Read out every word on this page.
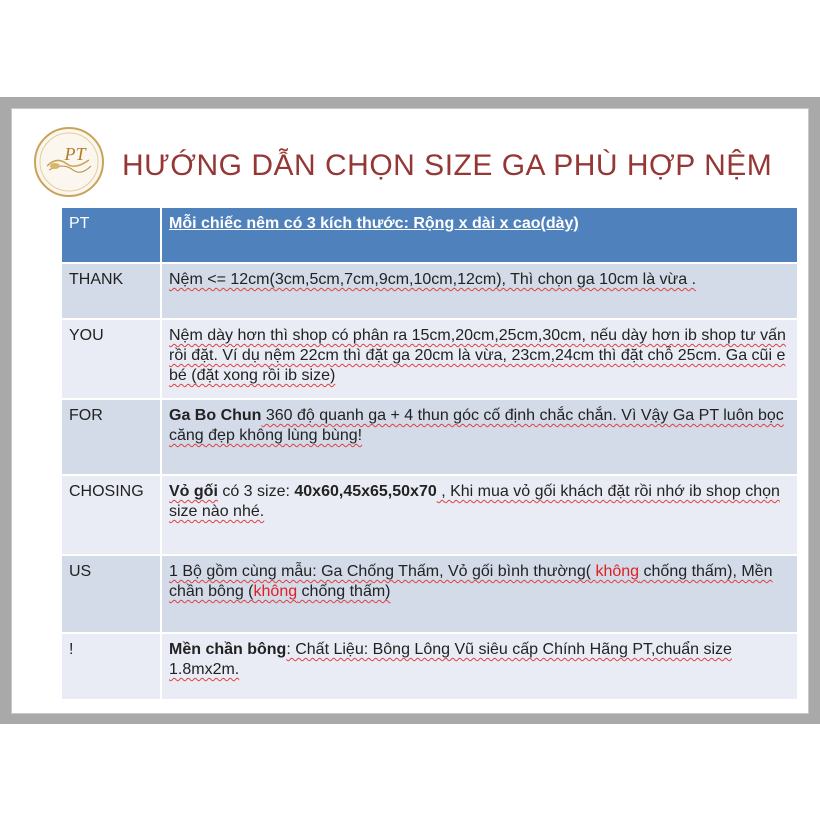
PT HƯỚNG DẪN CHỌN SIZE GA PHÙ HỢP NỆM
PT	Mỗi chiếc nêm có 3 kích thước: Rộng x dài x cao(dày)
THANK	Nệm <= 12cm(3cm,5cm,7cm,9cm,10cm,12cm), Thì chọn ga 10cm là vừa .
YOU	Nệm dày hơn thì shop có phân ra 15cm,20cm,25cm,30cm, nếu dày hơn ib shop tư vấn rồi đặt. Ví dụ nệm 22cm thì đặt ga 20cm là vừa, 23cm,24cm thì đặt chỗ 25cm. Ga cũi e bé (đặt xong rồi ib size)
FOR	Ga Bo Chun 360 độ quanh ga + 4 thun góc cố định chắc chắn. Vì Vậy Ga PT luôn bọc căng đẹp không lùng bùng!
CHOSING	Vỏ gối có 3 size: 40x60,45x65,50x70 , Khi mua vỏ gối khách đặt rồi nhớ ib shop chọn size nào nhé.
US	1 Bộ gồm cùng mẫu: Ga Chống Thấm, Vỏ gối bình thường( không chống thấm), Mền chần bông (không chống thấm)
!	Mền chần bông: Chất Liệu: Bông Lông Vũ siêu cấp Chính Hãng PT,chuẩn size 1.8mx2m.
